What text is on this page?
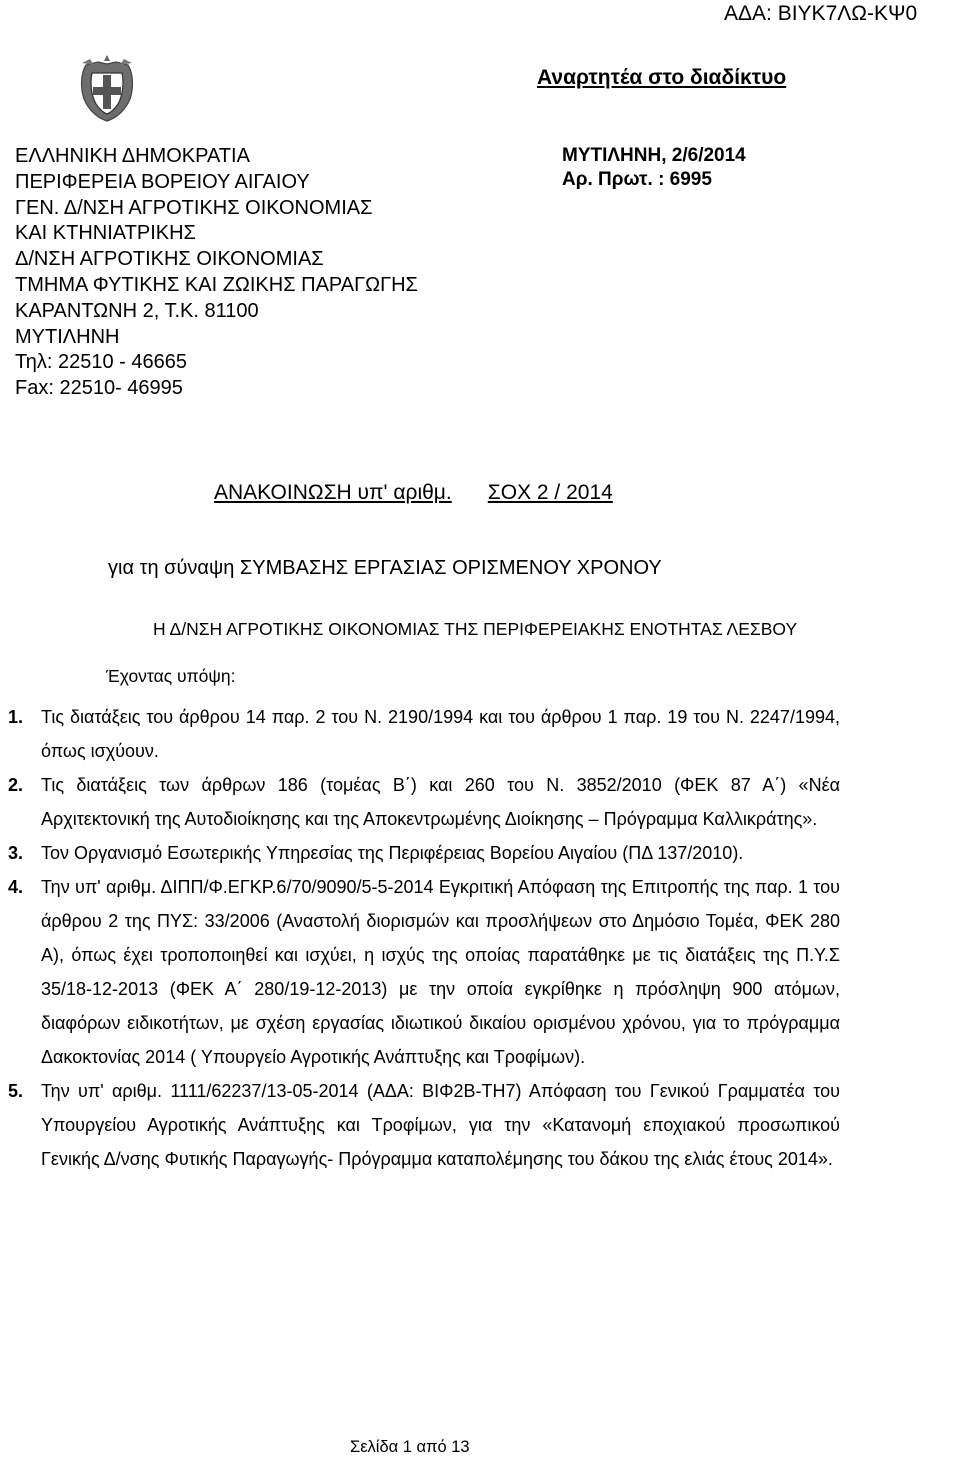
ΑΔΑ: ΒΙΥΚ7ΛΩ-ΚΨ0
Αναρτητέα στο διαδίκτυο
ΕΛΛΗΝΙΚΗ ΔΗΜΟΚΡΑΤΙΑ
ΠΕΡΙΦΕΡΕΙΑ ΒΟΡΕΙΟΥ ΑΙΓΑΙΟΥ
ΓΕΝ. Δ/ΝΣΗ ΑΓΡΟΤΙΚΗΣ ΟΙΚΟΝΟΜΙΑΣ
ΚΑΙ ΚΤΗΝΙΑΤΡΙΚΗΣ
Δ/ΝΣΗ ΑΓΡΟΤΙΚΗΣ ΟΙΚΟΝΟΜΙΑΣ
ΤΜΗΜΑ ΦΥΤΙΚΗΣ ΚΑΙ ΖΩΙΚΗΣ ΠΑΡΑΓΩΓΗΣ
ΚΑΡΑΝΤΩΝΗ 2, Τ.Κ. 81100
ΜΥΤΙΛΗΝΗ
Τηλ: 22510 - 46665
Fax: 22510- 46995
ΜΥΤΙΛΗΝΗ, 2/6/2014
Αρ. Πρωτ. : 6995
ΑΝΑΚΟΙΝΩΣΗ υπ' αριθμ. ΣΟΧ 2 / 2014
για τη σύναψη ΣΥΜΒΑΣΗΣ ΕΡΓΑΣΙΑΣ ΟΡΙΣΜΕΝΟΥ ΧΡΟΝΟΥ
Η Δ/ΝΣΗ ΑΓΡΟΤΙΚΗΣ ΟΙΚΟΝΟΜΙΑΣ ΤΗΣ ΠΕΡΙΦΕΡΕΙΑΚΗΣ ΕΝΟΤΗΤΑΣ ΛΕΣΒΟΥ
Έχοντας υπόψη:
1. Τις διατάξεις του άρθρου 14 παρ. 2 του Ν. 2190/1994 και του άρθρου 1 παρ. 19 του Ν. 2247/1994, όπως ισχύουν.
2. Τις διατάξεις των άρθρων 186 (τομέας Β΄) και 260 του Ν. 3852/2010 (ΦΕΚ 87 Α΄) «Νέα Αρχιτεκτονική της Αυτοδιοίκησης και της Αποκεντρωμένης Διοίκησης – Πρόγραμμα Καλλικράτης».
3. Τον Οργανισμό Εσωτερικής Υπηρεσίας της Περιφέρειας Βορείου Αιγαίου (ΠΔ 137/2010).
4. Την υπ' αριθμ. ΔΙΠΠ/Φ.ΕΓΚΡ.6/70/9090/5-5-2014 Εγκριτική Απόφαση της Επιτροπής της παρ. 1 του άρθρου 2 της ΠΥΣ: 33/2006 (Αναστολή διορισμών και προσλήψεων στο Δημόσιο Τομέα, ΦΕΚ 280 Α), όπως έχει τροποποιηθεί και ισχύει, η ισχύς της οποίας παρατάθηκε με τις διατάξεις της Π.Υ.Σ 35/18-12-2013 (ΦΕΚ Α΄ 280/19-12-2013) με την οποία εγκρίθηκε η πρόσληψη 900 ατόμων, διαφόρων ειδικοτήτων, με σχέση εργασίας ιδιωτικού δικαίου ορισμένου χρόνου, για το πρόγραμμα Δακοκτονίας 2014 ( Υπουργείο Αγροτικής Ανάπτυξης και Τροφίμων).
5. Την υπ' αριθμ. 1111/62237/13-05-2014 (ΑΔΑ: ΒΙΦ2Β-ΤΗ7) Απόφαση του Γενικού Γραμματέα του Υπουργείου Αγροτικής Ανάπτυξης και Τροφίμων, για την «Κατανομή εποχιακού προσωπικού Γενικής Δ/νσης Φυτικής Παραγωγής- Πρόγραμμα καταπολέμησης του δάκου της ελιάς έτους 2014».
Σελίδα 1 από 13
